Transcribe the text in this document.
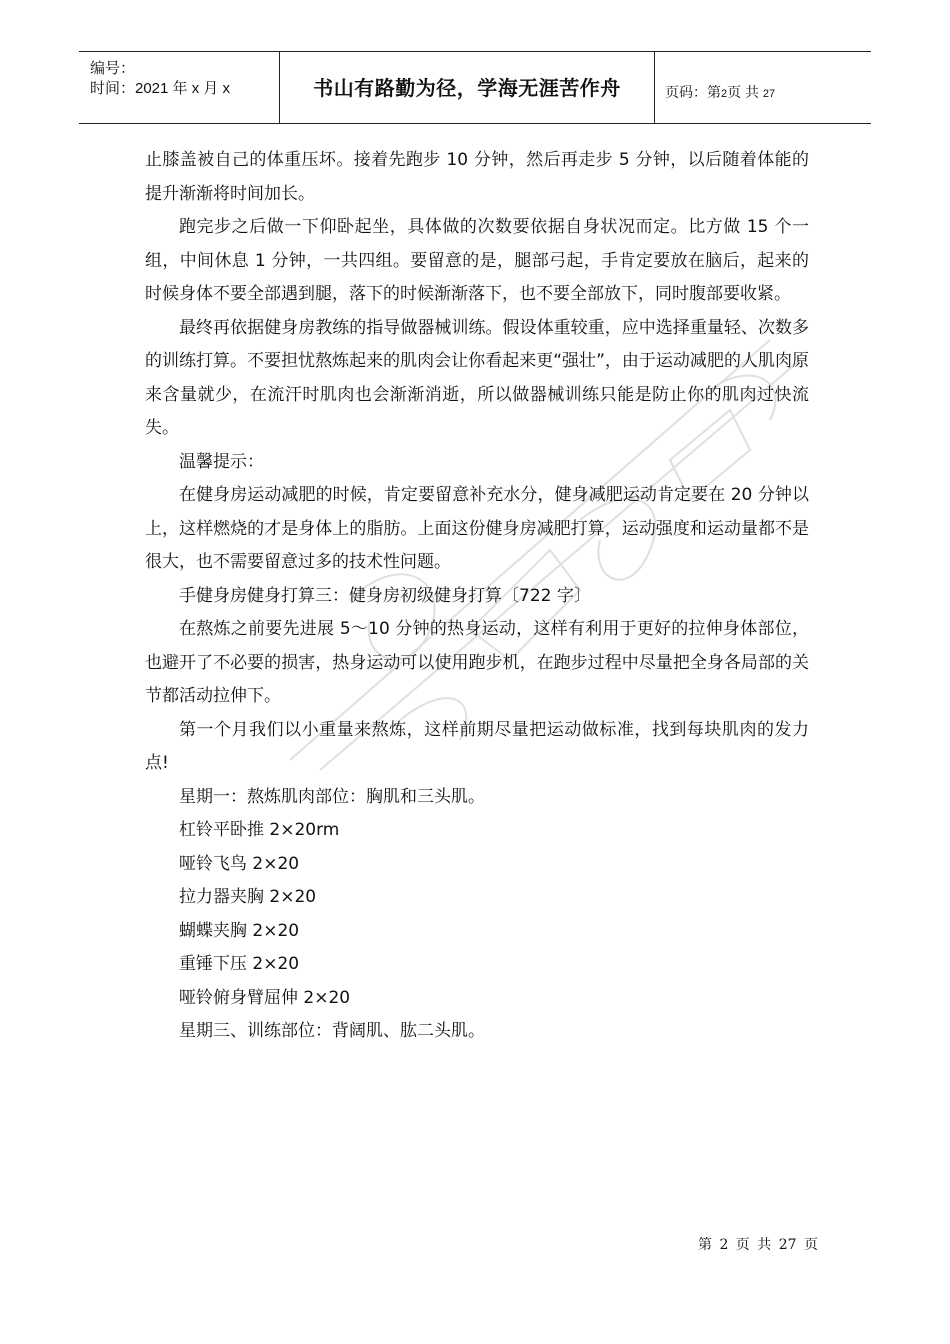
编号：
时间：2021 年 x 月 x	书山有路勤为径，学海无涯苦作舟	页码：第2页 共 27

止膝盖被自己的体重压坏。接着先跑步 10 分钟，然后再走步 5 分钟，以后随着体能的提升渐渐将时间加长。

跑完步之后做一下仰卧起坐，具体做的次数要依据自身状况而定。比方做 15 个一组，中间休息 1 分钟，一共四组。要留意的是，腿部弓起，手肯定要放在脑后，起来的时候身体不要全部遇到腿，落下的时候渐渐落下，也不要全部放下，同时腹部要收紧。

最终再依据健身房教练的指导做器械训练。假设体重较重，应中选择重量轻、次数多的训练打算。不要担忧熬炼起来的肌肉会让你看起来更“强壮”，由于运动减肥的人肌肉原来含量就少，在流汗时肌肉也会渐渐消逝，所以做器械训练只能是防止你的肌肉过快流失。

温馨提示：

在健身房运动减肥的时候，肯定要留意补充水分，健身减肥运动肯定要在 20 分钟以上，这样燃烧的才是身体上的脂肪。上面这份健身房减肥打算，运动强度和运动量都不是很大，也不需要留意过多的技术性问题。

手健身房健身打算三：健身房初级健身打算〔722 字〕

在熬炼之前要先进展 5～10 分钟的热身运动，这样有利用于更好的拉伸身体部位，也避开了不必要的损害，热身运动可以使用跑步机，在跑步过程中尽量把全身各局部的关节都活动拉伸下。

第一个月我们以小重量来熬炼，这样前期尽量把运动做标准，找到每块肌肉的发力点!

星期一：熬炼肌肉部位：胸肌和三头肌。

杠铃平卧推 2×20rm

哑铃飞鸟 2×20

拉力器夹胸 2×20

蝴蝶夹胸 2×20

重锤下压 2×20

哑铃俯身臂屈伸 2×20

星期三、训练部位：背阔肌、肱二头肌。

第 2 页 共 27 页
